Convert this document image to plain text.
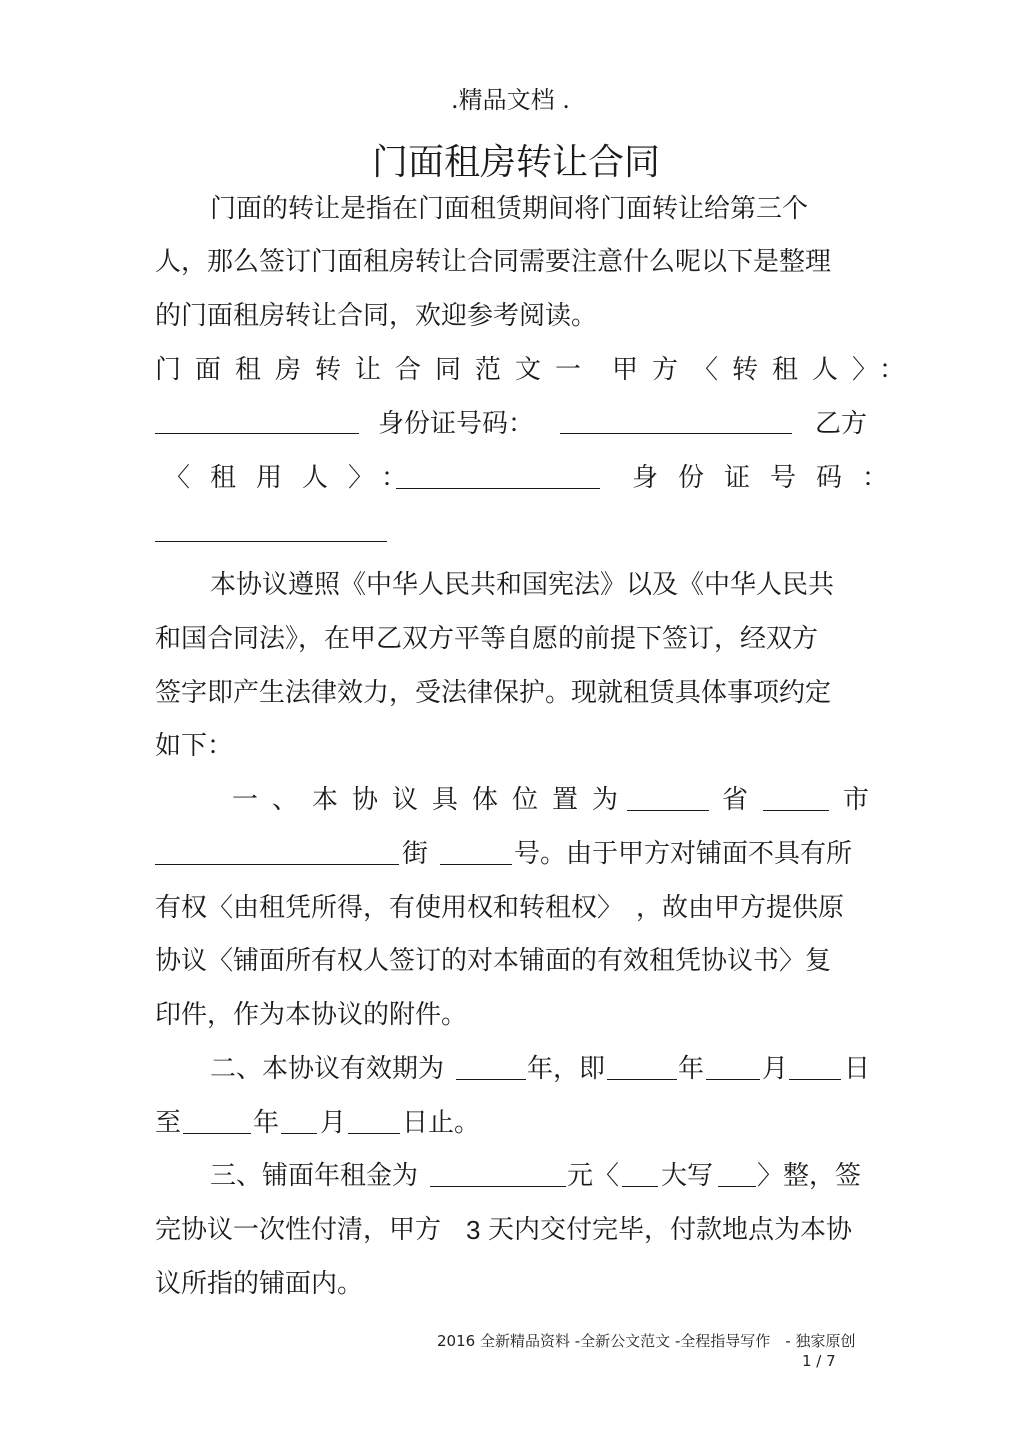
.精品文档 .
门面租房转让合同
门面的转让是指在门面租赁期间将门面转让给第三个
人，那么签订门面租房转让合同需要注意什么呢以下是整理
的门面租房转让合同，欢迎参考阅读。
门面租房转让合同范文一 甲方〈转租人〉：
身份证号码：	乙方
〈租用人〉：	身份证号码：
本协议遵照《中华人民共和国宪法》以及《中华人民共
和国合同法》，在甲乙双方平等自愿的前提下签订，经双方
签字即产生法律效力，受法律保护。现就租赁具体事项约定
如下：
一、本协议具体位置为	省	市
街	号。由于甲方对铺面不具有所
有权〈由租凭所得，有使用权和转租权〉　，故由甲方提供原
协议〈铺面所有权人签订的对本铺面的有效租凭协议书〉复
印件，作为本协议的附件。
二、本协议有效期为	年，即	年 月 日
至	年 月 日止。
三、铺面年租金为	元〈 大写 〉整，签
完协议一次性付清，甲方 3 天内交付完毕，付款地点为本协
议所指的铺面内。
2016 全新精品资料 -全新公文范文 -全程指导写作　- 独家原创
1 / 7
